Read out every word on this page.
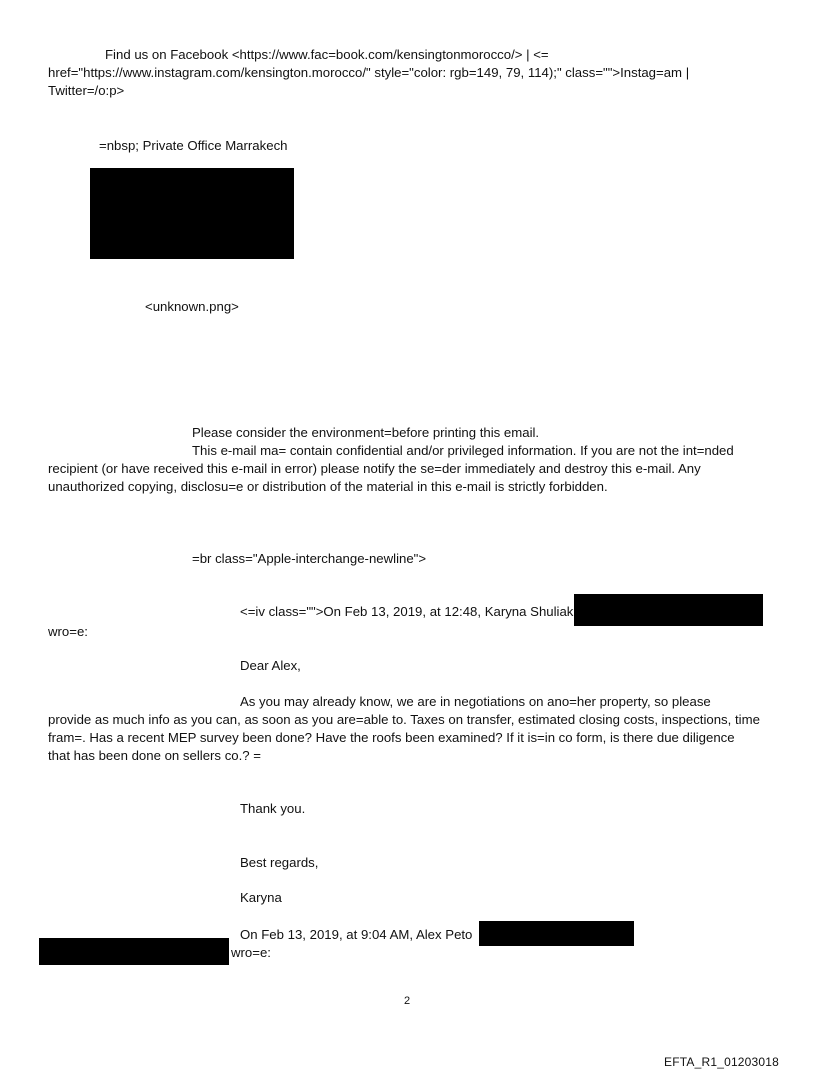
Find us on Facebook <https://www.fac=book.com/kensingtonmorocco/> | <=
href="https://www.instagram.com/kensington.morocco/" style="color: rgb=149, 79, 114);" class="">Instag=am |
Twitter=/o:p>
=nbsp; Private Office Marrakech
<unknown.png>
Please consider the environment=before printing this email.
This e-mail ma= contain confidential and/or privileged information. If you are not the int=nded
recipient (or have received this e-mail in error) please notify the se=der immediately and destroy this e-mail. Any
unauthorized copying, disclosu=e or distribution of the material in this e-mail is strictly forbidden.
=br class="Apple-interchange-newline">
<=iv class="">On Feb 13, 2019, at 12:48, Karyna Shuliak
wro=e:
Dear Alex,
As you may already know, we are in negotiations on ano=her property, so please
provide as much info as you can, as soon as you are=able to. Taxes on transfer, estimated closing costs, inspections, time
fram=. Has a recent MEP survey been done? Have the roofs been examined? If it is=in co form, is there due diligence
that has been done on sellers co.? =
Thank you.
Best regards,
Karyna
On Feb 13, 2019, at 9:04 AM, Alex Peto
wro=e:
2
EFTA_R1_01203018
